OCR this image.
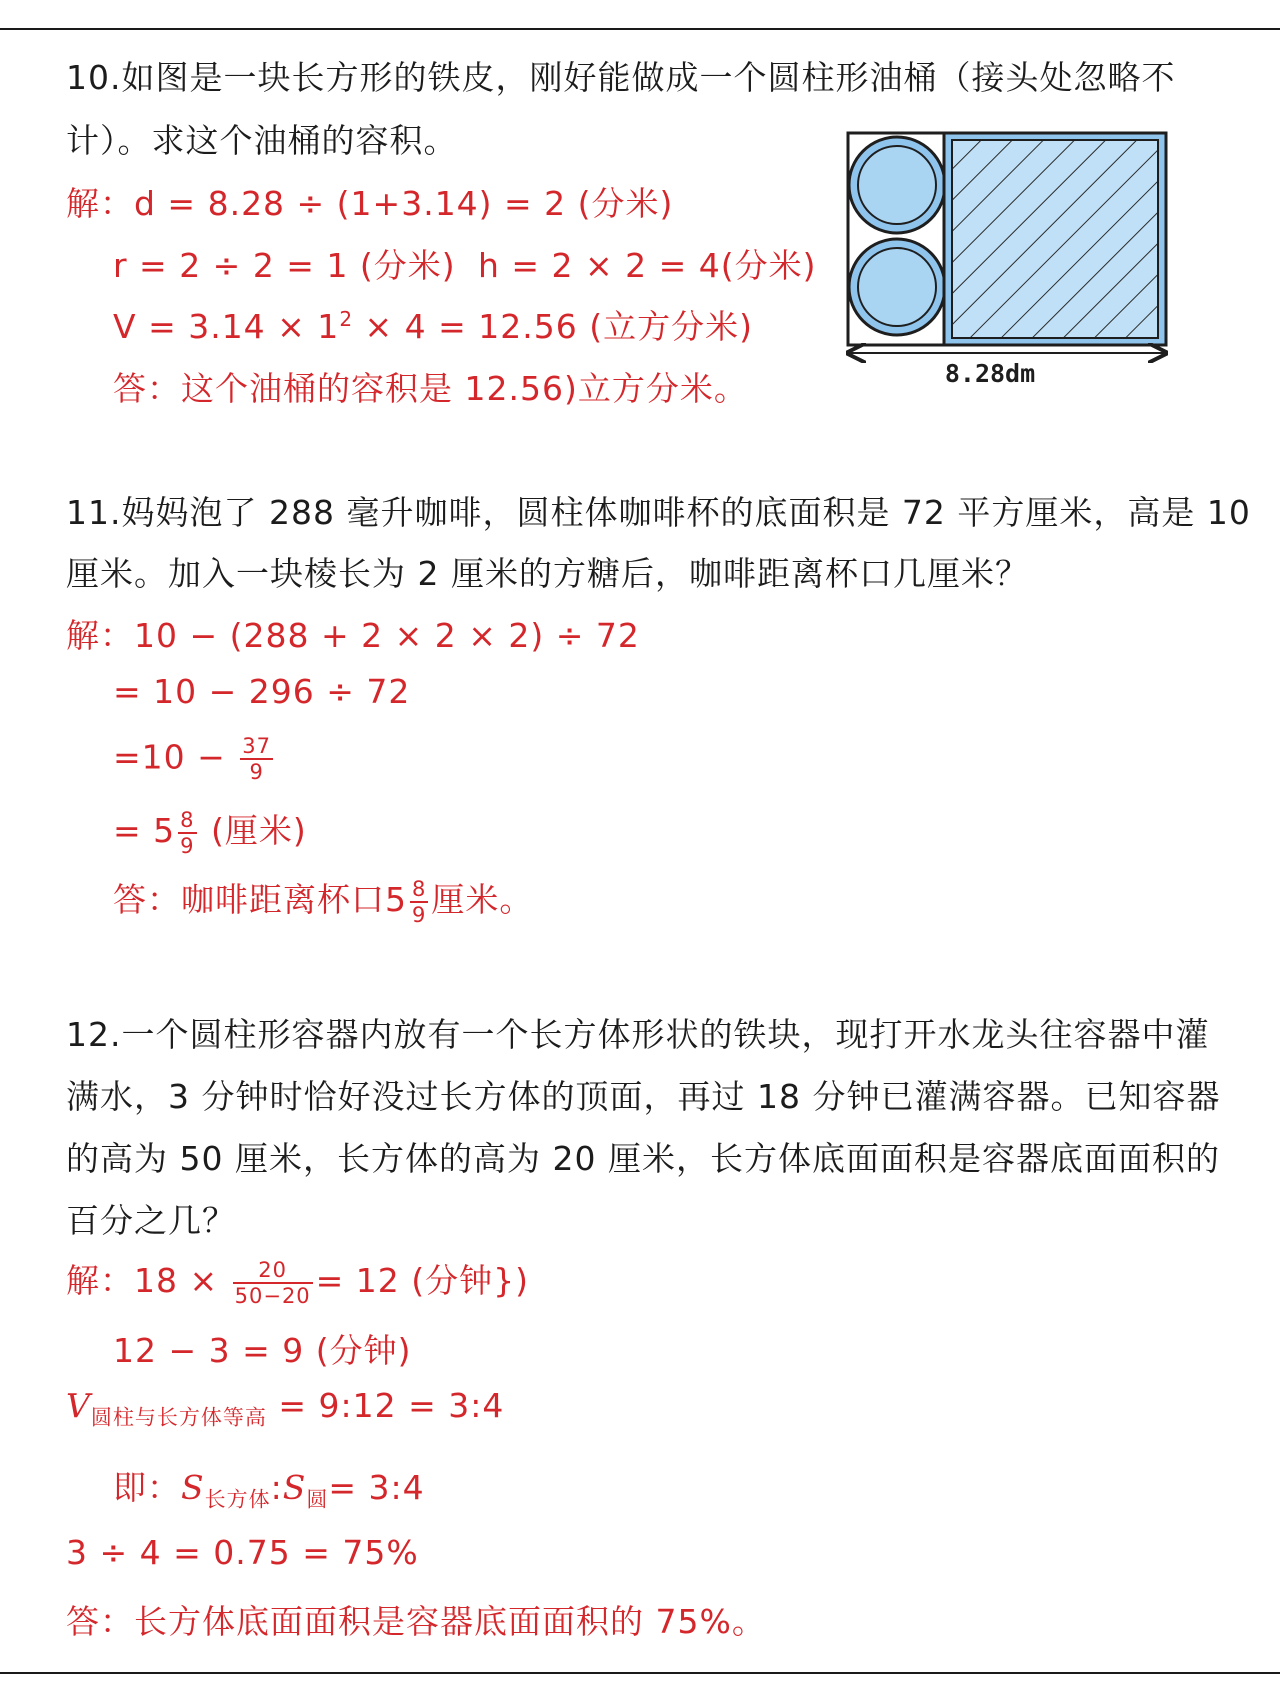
10.如图是一块长方形的铁皮，刚好能做成一个圆柱形油桶（接头处忽略不
计）。求这个油桶的容积。
解：d = 8.28 ÷ (1+3.14) = 2 (分米)
r = 2 ÷ 2 = 1 (分米) h = 2 × 2 = 4(分米)
$V = 3.14 \times 1^2 \times 4 = 12.56$ (立方分米)
答：这个油桶的容积是 12.56)立方分米。	8.28dm
11.妈妈泡了 288 毫升咖啡，圆柱体咖啡杯的底面积是 72 平方厘米，高是 10
厘米。加入一块棱长为 2 厘米的方糖后，咖啡距离杯口几厘米？
解：10 − (288 + 2 × 2 × 2) ÷ 72
= 10 − 296 ÷ 72
$=10 - \frac{37}{9}$
= $5 \frac{8}{9}$ (厘米)
答：咖啡距离杯口$5 \frac{8}{9}$ 厘米。
12.一个圆柱形容器内放有一个长方体形状的铁块，现打开水龙头往容器中灌
满水，3 分钟时恰好没过长方体的顶面，再过 18 分钟已灌满容器。已知容器
的高为 50 厘米，长方体的高为 20 厘米，长方体底面面积是容器底面面积的
百分之几？
解：$18 \times \frac{20}{50-20} = 12$ (分钟})
12 − 3 = 9 (分钟)
$V_{圆柱与长方体等高}$ = 9:12 = 3:4
即：$S_{长方体}:S_圆=$ 3:4
3 ÷ 4 = 0.75 = 75%
答：长方体底面面积是容器底面面积的 75%。
